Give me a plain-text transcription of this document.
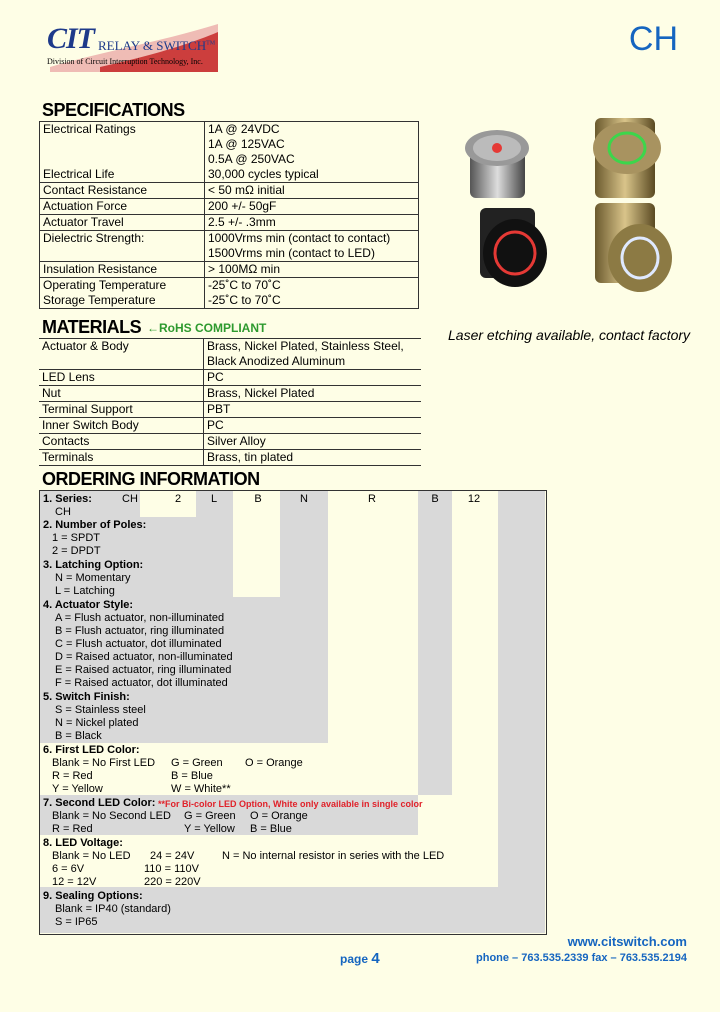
CIT RELAY & SWITCH™
Division of Circuit Interruption Technology, Inc.
CH
SPECIFICATIONS
Electrical Ratings	1A @ 24VDC
	1A @ 125VAC
	0.5A @ 250VAC
Electrical Life	30,000 cycles typical
Contact Resistance	< 50 mΩ initial
Actuation Force	200 +/- 50gF
Actuator Travel	2.5 +/- .3mm
Dielectric Strength:	1000Vrms min (contact to contact)
	1500Vrms min (contact to LED)
Insulation Resistance	> 100MΩ min
Operating Temperature	-25˚C to 70˚C
Storage Temperature	-25˚C to 70˚C
MATERIALS ←RoHS COMPLIANT	Laser etching available, contact factory
Actuator & Body	Brass, Nickel Plated, Stainless Steel,
	Black Anodized Aluminum
LED Lens	PC
Nut	Brass, Nickel Plated
Terminal Support	PBT
Inner Switch Body	PC
Contacts	Silver Alloy
Terminals	Brass, tin plated
ORDERING INFORMATION
CH	2	L	B	N	R	B	12
1. Series:
CH
2. Number of Poles:
1 = SPDT
2 = DPDT
3. Latching Option:
N = Momentary
L = Latching
4. Actuator Style:
A = Flush actuator, non-illuminated
B = Flush actuator, ring illuminated
C = Flush actuator, dot illuminated
D = Raised actuator, non-illuminated
E = Raised actuator, ring illuminated
F = Raised actuator, dot illuminated
5. Switch Finish:
S = Stainless steel
N = Nickel plated
B = Black
6. First LED Color:
Blank = No First LED G = Green O = Orange
R = Red	B = Blue
Y = Yellow	W = White**
7. Second LED Color: **For Bi-color LED Option, White only available in single color
Blank = No Second LED G = Green O = Orange
R = Red	Y = Yellow B = Blue
8. LED Voltage:
Blank = No LED 24 = 24V	N = No internal resistor in series with the LED
6 = 6V	110 = 110V
12 = 12V	220 = 220V
9. Sealing Options:
Blank = IP40 (standard)
S = IP65
www.citswitch.com
page 4	phone – 763.535.2339 fax – 763.535.2194
